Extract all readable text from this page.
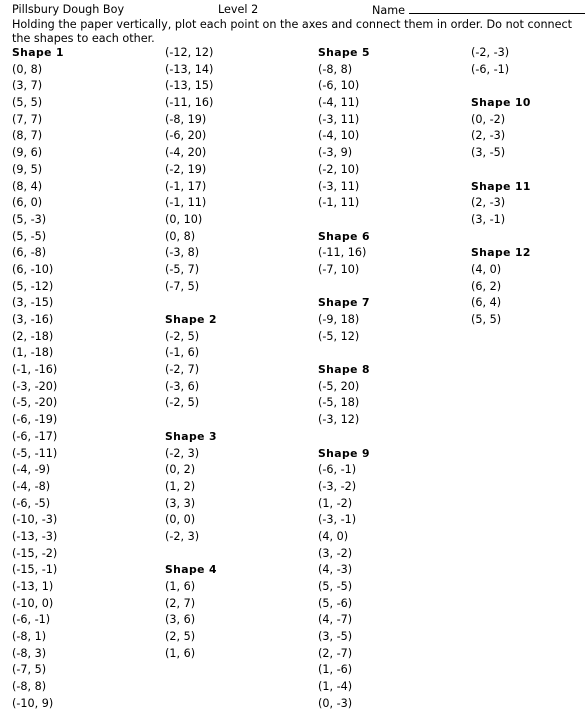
Pillsbury Dough Boy	Level 2	Name
Holding the paper vertically, plot each point on the axes and connect them in order. Do not connect the shapes to each other.
Shape 1
(0, 8)
(3, 7)
(5, 5)
(7, 7)
(8, 7)
(9, 6)
(9, 5)
(8, 4)
(6, 0)
(5, -3)
(5, -5)
(6, -8)
(6, -10)
(5, -12)
(3, -15)
(3, -16)
(2, -18)
(1, -18)
(-1, -16)
(-3, -20)
(-5, -20)
(-6, -19)
(-6, -17)
(-5, -11)
(-4, -9)
(-4, -8)
(-6, -5)
(-10, -3)
(-13, -3)
(-15, -2)
(-15, -1)
(-13, 1)
(-10, 0)
(-6, -1)
(-8, 1)
(-8, 3)
(-7, 5)
(-8, 8)
(-10, 9)
(-12, 12)
(-13, 14)
(-13, 15)
(-11, 16)
(-8, 19)
(-6, 20)
(-4, 20)
(-2, 19)
(-1, 17)
(-1, 11)
(0, 10)
(0, 8)
(-3, 8)
(-5, 7)
(-7, 5)
Shape 2
(-2, 5)
(-1, 6)
(-2, 7)
(-3, 6)
(-2, 5)
Shape 3
(-2, 3)
(0, 2)
(1, 2)
(3, 3)
(0, 0)
(-2, 3)
Shape 4
(1, 6)
(2, 7)
(3, 6)
(2, 5)
(1, 6)
Shape 5
(-8, 8)
(-6, 10)
(-4, 11)
(-3, 11)
(-4, 10)
(-3, 9)
(-2, 10)
(-3, 11)
(-1, 11)
Shape 6
(-11, 16)
(-7, 10)
Shape 7
(-9, 18)
(-5, 12)
Shape 8
(-5, 20)
(-5, 18)
(-3, 12)
Shape 9
(-6, -1)
(-3, -2)
(1, -2)
(-3, -1)
(4, 0)
(3, -2)
(4, -3)
(5, -5)
(5, -6)
(4, -7)
(3, -5)
(2, -7)
(1, -6)
(1, -4)
(0, -3)
(-2, -3)
(-6, -1)
Shape 10
(0, -2)
(2, -3)
(3, -5)
Shape 11
(2, -3)
(3, -1)
Shape 12
(4, 0)
(6, 2)
(6, 4)
(5, 5)
